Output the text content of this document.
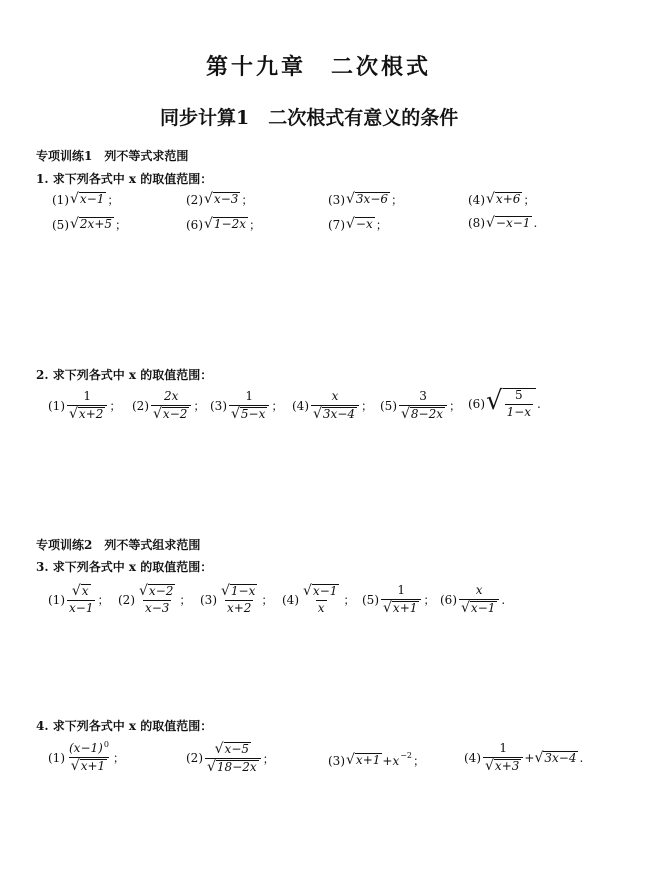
第十九章　二次根式
同步计算1　二次根式有意义的条件
专项训练1　列不等式求范围
1. 求下列各式中 x 的取值范围：
(1) √ x−1 ；	(2) √ x−3 ；	(3) √ 3x−6 ；	(4) √ x+6 ；
(5) √ 2x+5 ；	(6) √ 1−2x ；	(7) √ −x ；	(8) √ −x−1 .
2. 求下列各式中 x 的取值范围：
$(1) \frac{1}{√ x+2}$ ； $(2) \frac{2x}{√ x-2}$ ； $(3) \frac{1}{√ 5-x}$ ； $(4) \frac{x}{√ 3x-4}$ ； $(5) \frac{3}{√ 8-2x}$ ； (6) √ $\frac{5}{1-x}$ .
专项训练2　列不等式组求范围
3. 求下列各式中 x 的取值范围：
$(1) \frac{√ x}{x-1}$ ； $(2) \frac{√ x-2}{x-3}$ ； $(3) \frac{√ 1-x}{x+2}$ ； $(4) \frac{√ x-1}{x}$ ； $(5) \frac{1}{√ x+1}$ ； $(6) \frac{x}{√ x-1}$ .
4. 求下列各式中 x 的取值范围：
$(1) \frac{(x-1)^0}{√ x+1}$ ；	$(2) \frac{√ x-5}{√ 18-2x}$ ；	(3) √ x+1 +x −2 ；	$(4) \frac{1}{√ x+3}$ + √ 3x−4 .
